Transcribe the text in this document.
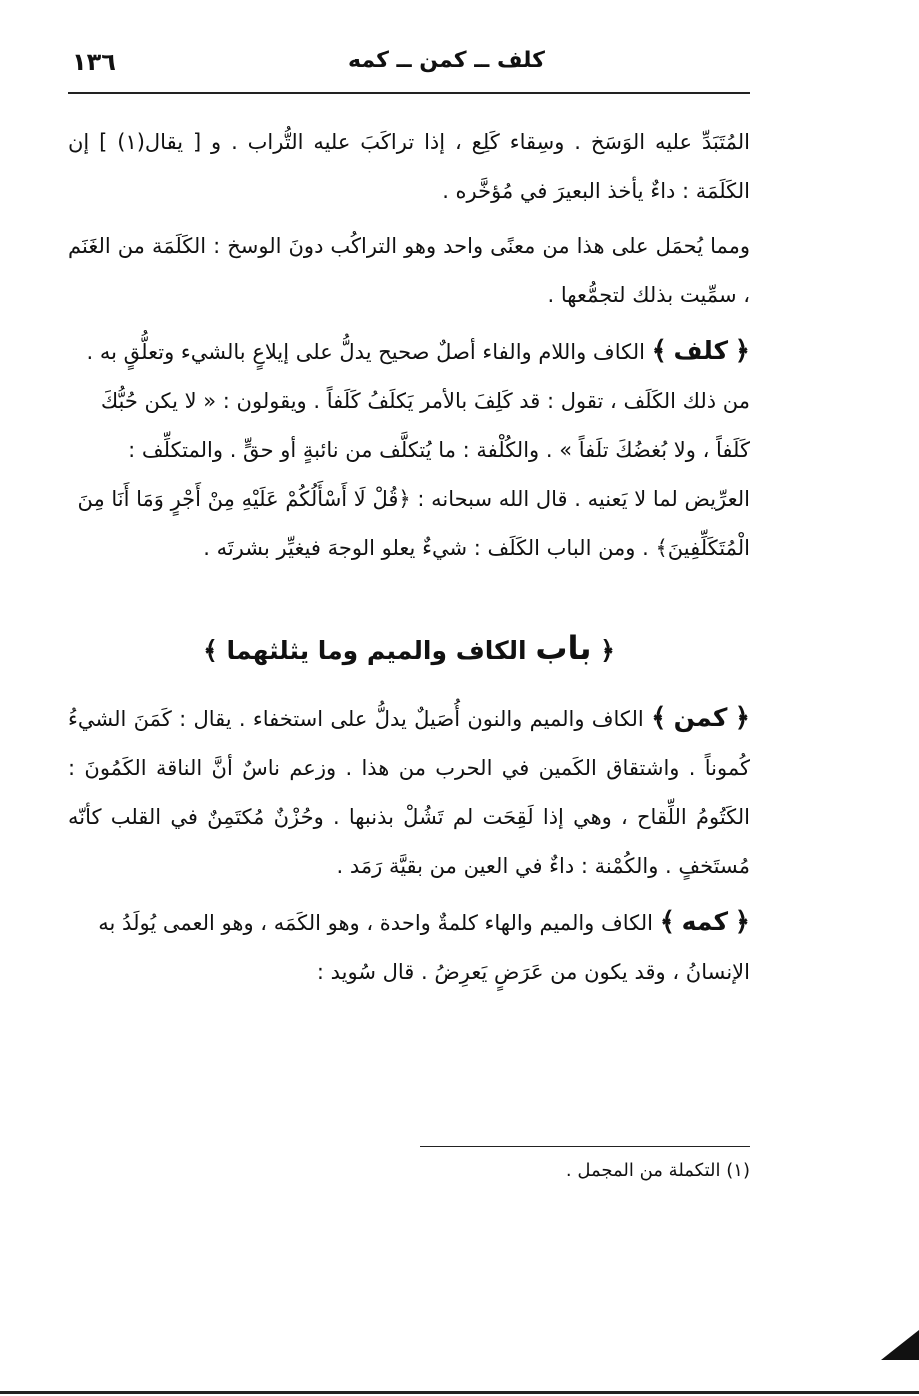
١٣٦	كلف ــ كمن ــ كمه

المُتَبَدِّ عليه الوَسَخ . وسِقاء كَلِع ، إذا تراكَبَ عليه التُّراب . و [ يقال(١) ] إن الكَلَمَة : داءٌ يأخذ البعيرَ في مُؤخَّره .

ومما يُحمَل على هذا من معنًى واحد وهو التراكُب دونَ الوسخ : الكَلَمَة من الغَنَم ، سمِّيت بذلك لتجمُّعها .

﴿ كلف ﴾ الكاف واللام والفاء أصلٌ صحيح يدلُّ على إيلاعٍ بالشيء وتعلُّقٍ به . من ذلك الكَلَف ، تقول : قد كَلِفَ بالأمر يَكلَفُ كَلَفاً . ويقولون : « لا يكن حُبُّكَ كَلَفاً ، ولا بُغضُكَ تلَفاً » . والكُلْفة : ما يُتكلَّف من نائبةٍ أو حقٍّ . والمتكلِّف : العرِّيض لما لا يَعنيه . قال الله سبحانه : ﴿قُلْ لَا أَسْأَلُكُمْ عَلَيْهِ مِنْ أَجْرٍ وَمَا أَنَا مِنَ الْمُتَكَلِّفِينَ﴾ . ومن الباب الكَلَف : شيءٌ يعلو الوجهَ فيغيِّر بشرتَه .

﴿ باب الكاف والميم وما يثلثهما ﴾

﴿ كمن ﴾ الكاف والميم والنون أُصَيلٌ يدلُّ على استخفاء . يقال : كَمَنَ الشيءُ كُموناً . واشتقاق الكَمين في الحرب من هذا . وزعم ناسٌ أنَّ الناقة الكَمُونَ : الكَتُومُ اللِّقاح ، وهي إذا لَقِحَت لم تَشُلْ بذنبها . وحُزْنٌ مُكتَمِنٌ في القلب كأنّه مُستَخفٍ . والكُمْنة : داءٌ في العين من بقيَّة رَمَد .

﴿ كمه ﴾ الكاف والميم والهاء كلمةٌ واحدة ، وهو الكَمَه ، وهو العمى يُولَدُ به الإنسانُ ، وقد يكون من عَرَضٍ يَعرِضُ . قال سُويد :

(١) التكملة من المجمل .
